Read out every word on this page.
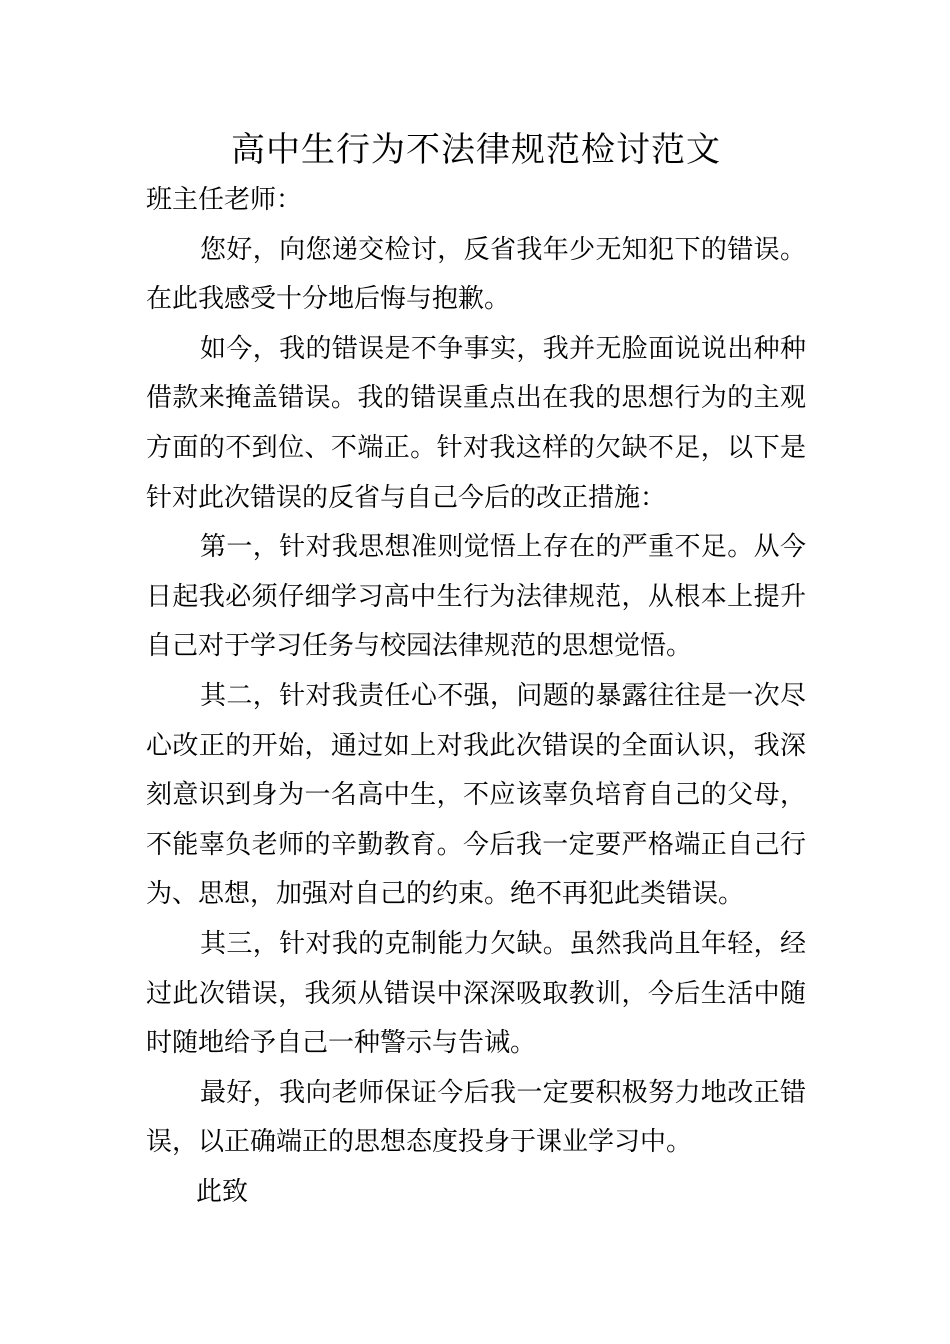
高中生行为不法律规范检讨范文

班主任老师：

您好，向您递交检讨，反省我年少无知犯下的错误。在此我感受十分地后悔与抱歉。

如今，我的错误是不争事实，我并无脸面说说出种种借款来掩盖错误。我的错误重点出在我的思想行为的主观方面的不到位、不端正。针对我这样的欠缺不足，以下是针对此次错误的反省与自己今后的改正措施：

第一，针对我思想准则觉悟上存在的严重不足。从今日起我必须仔细学习高中生行为法律规范，从根本上提升自己对于学习任务与校园法律规范的思想觉悟。

其二，针对我责任心不强，问题的暴露往往是一次尽心改正的开始，通过如上对我此次错误的全面认识，我深刻意识到身为一名高中生，不应该辜负培育自己的父母，不能辜负老师的辛勤教育。今后我一定要严格端正自己行为、思想，加强对自己的约束。绝不再犯此类错误。

其三，针对我的克制能力欠缺。虽然我尚且年轻，经过此次错误，我须从错误中深深吸取教训，今后生活中随时随地给予自己一种警示与告诫。

最好，我向老师保证今后我一定要积极努力地改正错误，以正确端正的思想态度投身于课业学习中。

此致
